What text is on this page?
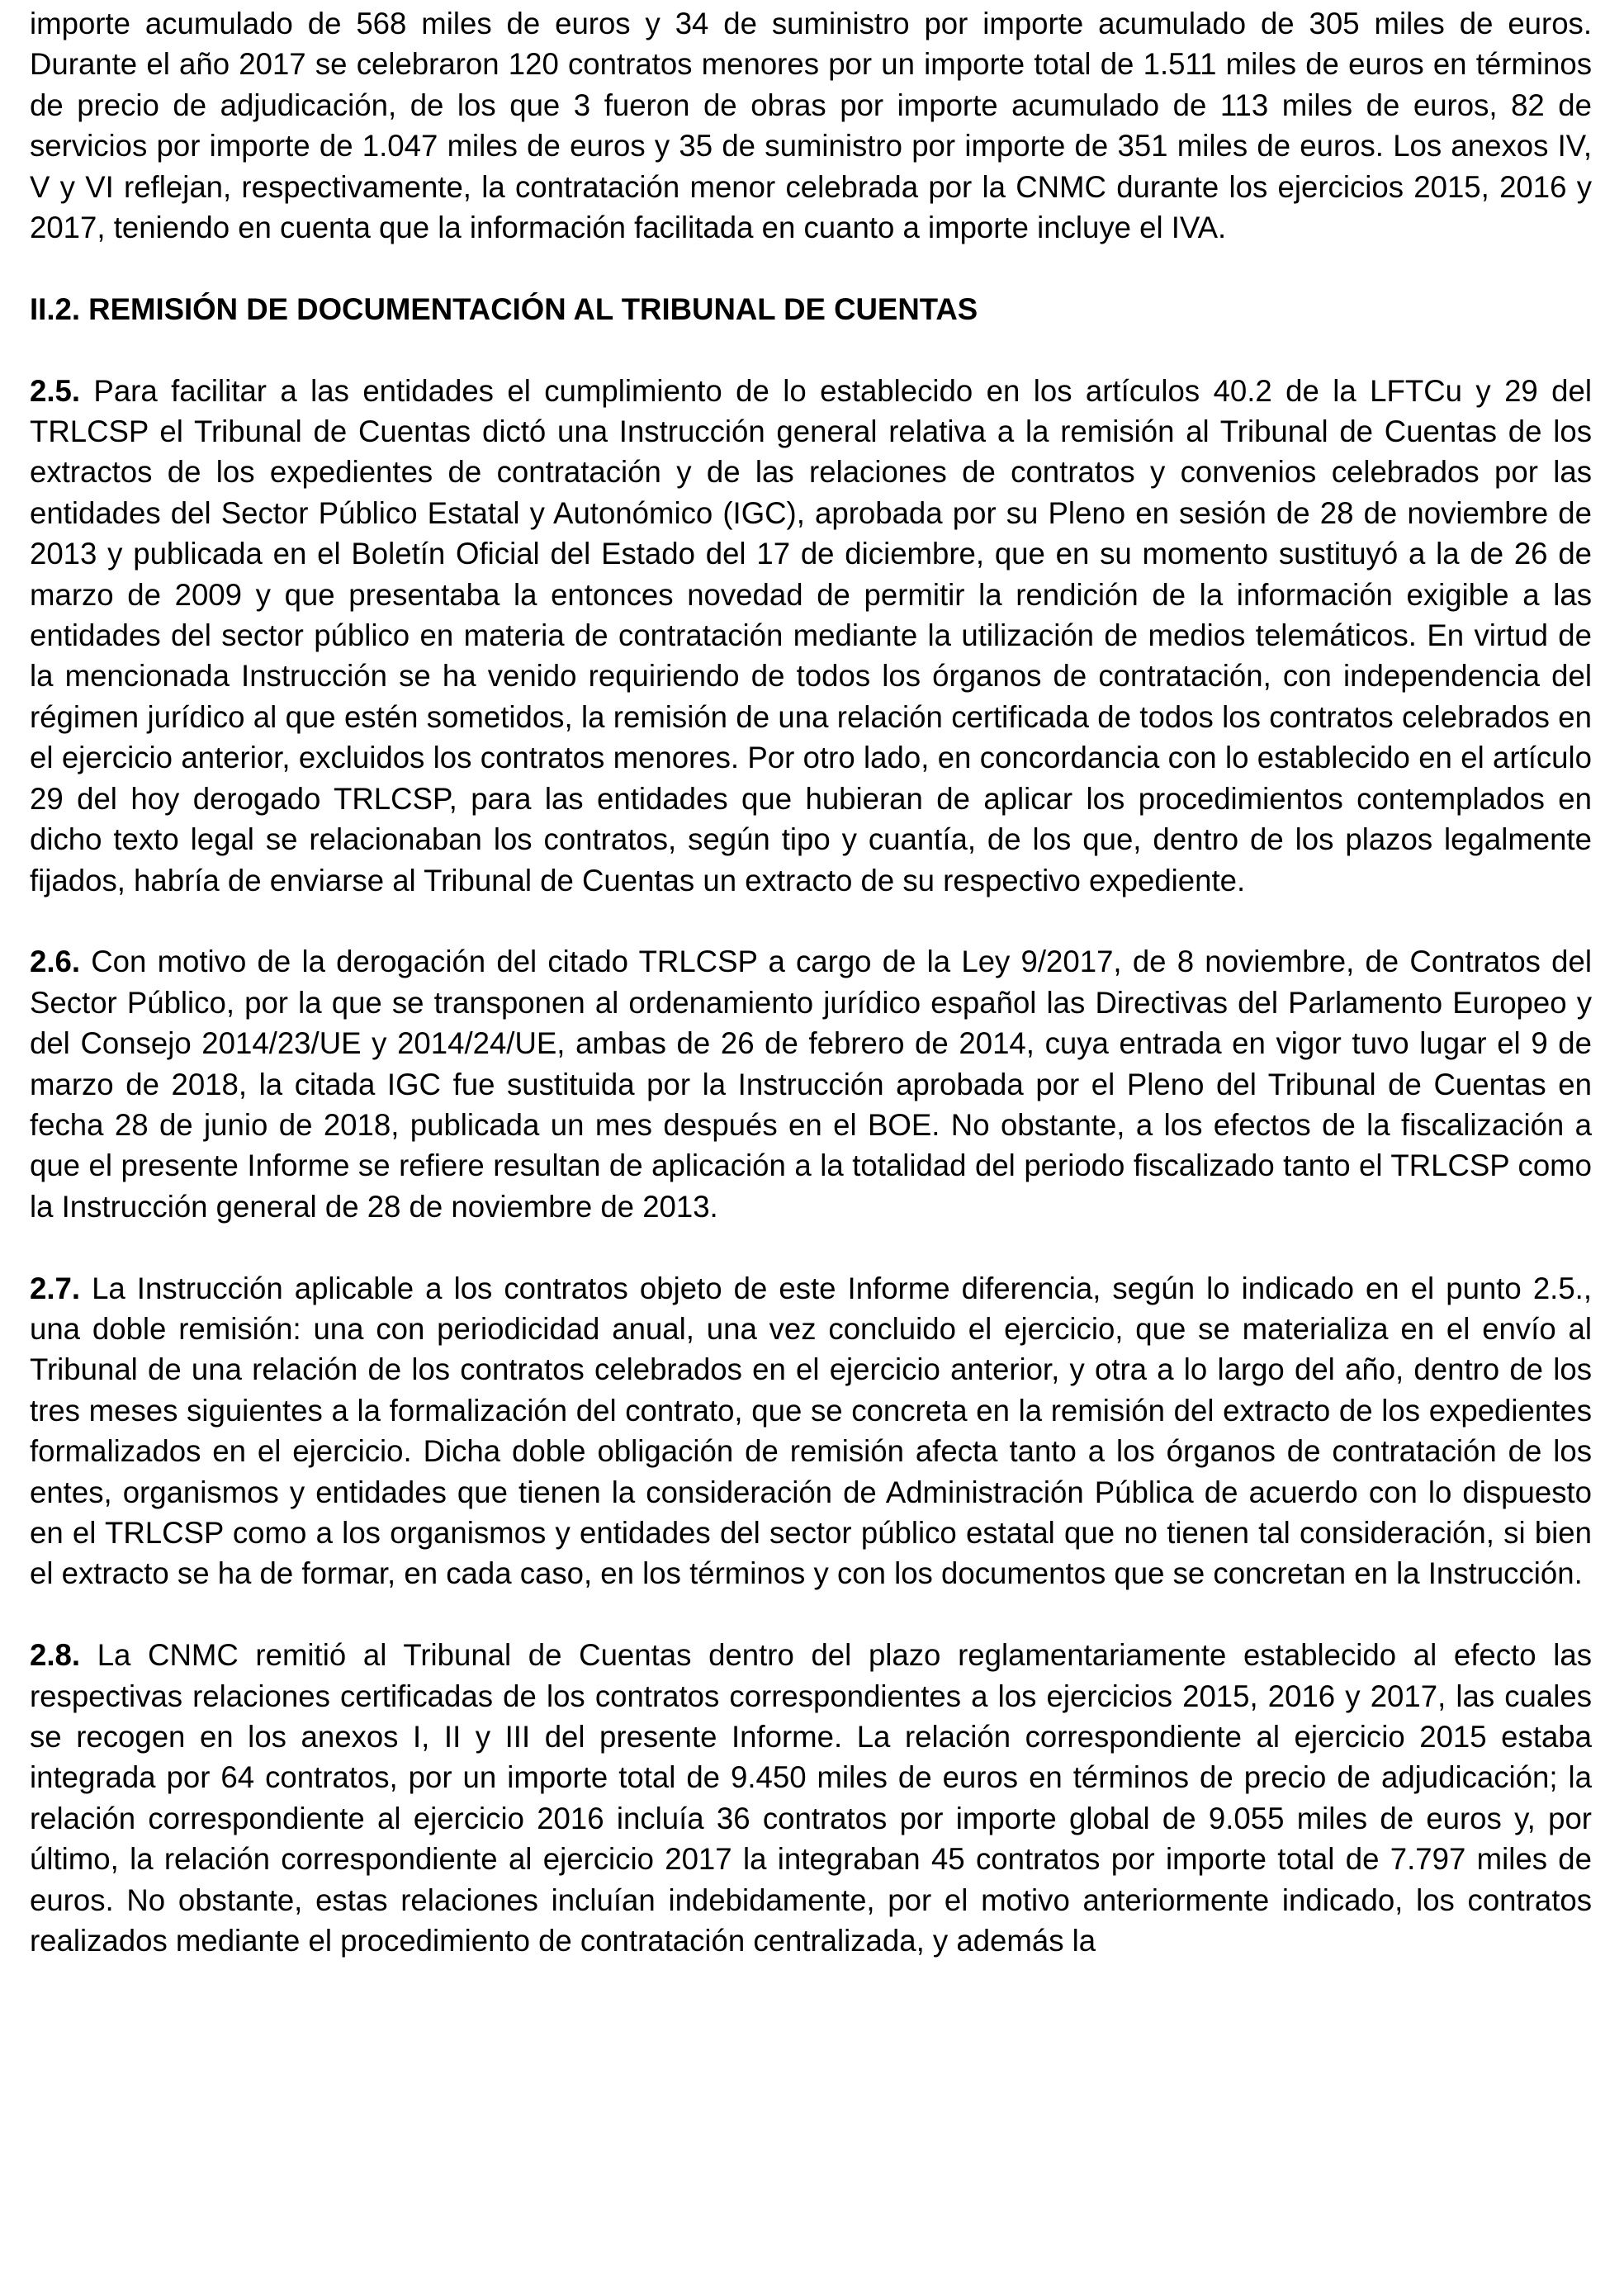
importe acumulado de 568 miles de euros y 34 de suministro por importe acumulado de 305 miles de euros. Durante el año 2017 se celebraron 120 contratos menores por un importe total de 1.511 miles de euros en términos de precio de adjudicación, de los que 3 fueron de obras por importe acumulado de 113 miles de euros, 82 de servicios por importe de 1.047 miles de euros y 35 de suministro por importe de 351 miles de euros. Los anexos IV, V y VI reflejan, respectivamente, la contratación menor celebrada por la CNMC durante los ejercicios 2015, 2016 y 2017, teniendo en cuenta que la información facilitada en cuanto a importe incluye el IVA.

II.2. REMISIÓN DE DOCUMENTACIÓN AL TRIBUNAL DE CUENTAS

2.5. Para facilitar a las entidades el cumplimiento de lo establecido en los artículos 40.2 de la LFTCu y 29 del TRLCSP el Tribunal de Cuentas dictó una Instrucción general relativa a la remisión al Tribunal de Cuentas de los extractos de los expedientes de contratación y de las relaciones de contratos y convenios celebrados por las entidades del Sector Público Estatal y Autonómico (IGC), aprobada por su Pleno en sesión de 28 de noviembre de 2013 y publicada en el Boletín Oficial del Estado del 17 de diciembre, que en su momento sustituyó a la de 26 de marzo de 2009 y que presentaba la entonces novedad de permitir la rendición de la información exigible a las entidades del sector público en materia de contratación mediante la utilización de medios telemáticos. En virtud de la mencionada Instrucción se ha venido requiriendo de todos los órganos de contratación, con independencia del régimen jurídico al que estén sometidos, la remisión de una relación certificada de todos los contratos celebrados en el ejercicio anterior, excluidos los contratos menores. Por otro lado, en concordancia con lo establecido en el artículo 29 del hoy derogado TRLCSP, para las entidades que hubieran de aplicar los procedimientos contemplados en dicho texto legal se relacionaban los contratos, según tipo y cuantía, de los que, dentro de los plazos legalmente fijados, habría de enviarse al Tribunal de Cuentas un extracto de su respectivo expediente.

2.6. Con motivo de la derogación del citado TRLCSP a cargo de la Ley 9/2017, de 8 noviembre, de Contratos del Sector Público, por la que se transponen al ordenamiento jurídico español las Directivas del Parlamento Europeo y del Consejo 2014/23/UE y 2014/24/UE, ambas de 26 de febrero de 2014, cuya entrada en vigor tuvo lugar el 9 de marzo de 2018, la citada IGC fue sustituida por la Instrucción aprobada por el Pleno del Tribunal de Cuentas en fecha 28 de junio de 2018, publicada un mes después en el BOE. No obstante, a los efectos de la fiscalización a que el presente Informe se refiere resultan de aplicación a la totalidad del periodo fiscalizado tanto el TRLCSP como la Instrucción general de 28 de noviembre de 2013.

2.7. La Instrucción aplicable a los contratos objeto de este Informe diferencia, según lo indicado en el punto 2.5., una doble remisión: una con periodicidad anual, una vez concluido el ejercicio, que se materializa en el envío al Tribunal de una relación de los contratos celebrados en el ejercicio anterior, y otra a lo largo del año, dentro de los tres meses siguientes a la formalización del contrato, que se concreta en la remisión del extracto de los expedientes formalizados en el ejercicio. Dicha doble obligación de remisión afecta tanto a los órganos de contratación de los entes, organismos y entidades que tienen la consideración de Administración Pública de acuerdo con lo dispuesto en el TRLCSP como a los organismos y entidades del sector público estatal que no tienen tal consideración, si bien el extracto se ha de formar, en cada caso, en los términos y con los documentos que se concretan en la Instrucción.

2.8. La CNMC remitió al Tribunal de Cuentas dentro del plazo reglamentariamente establecido al efecto las respectivas relaciones certificadas de los contratos correspondientes a los ejercicios 2015, 2016 y 2017, las cuales se recogen en los anexos I, II y III del presente Informe. La relación correspondiente al ejercicio 2015 estaba integrada por 64 contratos, por un importe total de 9.450 miles de euros en términos de precio de adjudicación; la relación correspondiente al ejercicio 2016 incluía 36 contratos por importe global de 9.055 miles de euros y, por último, la relación correspondiente al ejercicio 2017 la integraban 45 contratos por importe total de 7.797 miles de euros. No obstante, estas relaciones incluían indebidamente, por el motivo anteriormente indicado, los contratos realizados mediante el procedimiento de contratación centralizada, y además la
